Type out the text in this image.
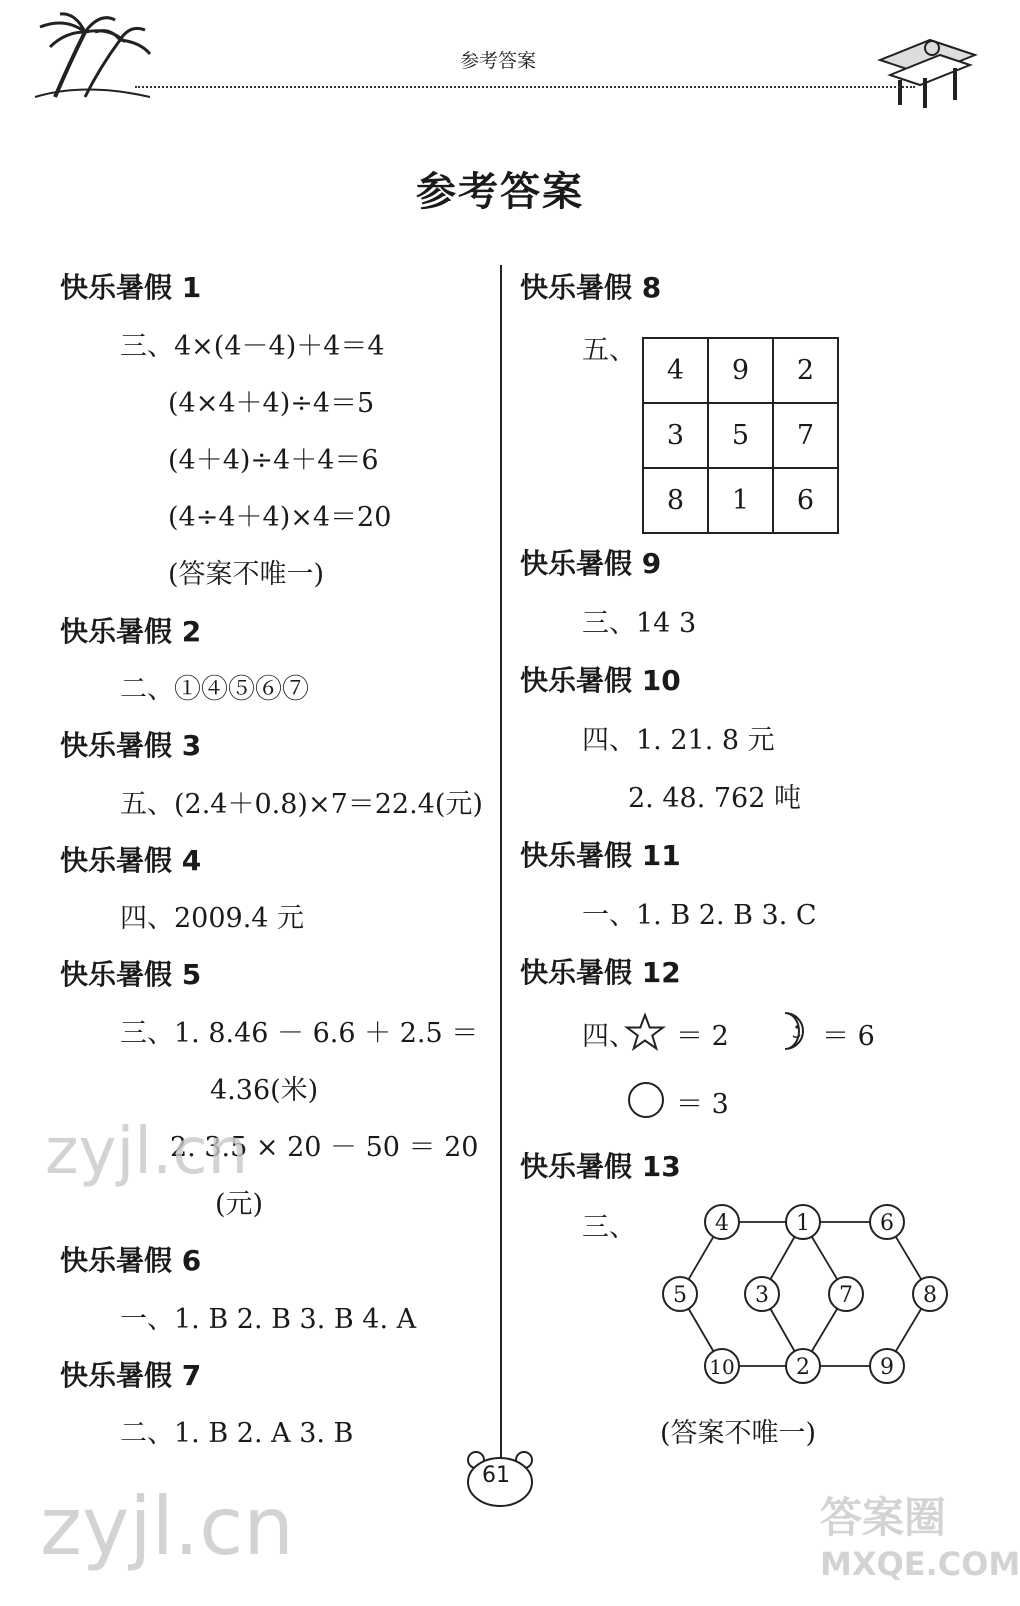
参考答案
参考答案
快乐暑假 1
三、4×(4－4)＋4＝4
(4×4＋4)÷4＝5
(4＋4)÷4＋4＝6
(4÷4＋4)×4＝20
(答案不唯一)
快乐暑假 2
二、①④⑤⑥⑦
快乐暑假 3
五、(2.4＋0.8)×7＝22.4(元)
快乐暑假 4
四、2009.4 元
快乐暑假 5
三、1. 8.46 － 6.6 ＋ 2.5 ＝
4.36(米)
2. 3.5 × 20 － 50 ＝ 20
(元)
快乐暑假 6
一、1. B 2. B 3. B 4. A
快乐暑假 7
二、1. B 2. A 3. B
快乐暑假 8
五、
4	9	2
3	5	7
8	1	6
快乐暑假 9
三、14 3
快乐暑假 10
四、1. 21. 8 元
2. 48. 762 吨
快乐暑假 11
一、1. B 2. B 3. C
快乐暑假 12
四、 ＝ 2	＝ 6
＝ 3
快乐暑假 13
三、	4	1	6
5	3	7	8
10	2	9
(答案不唯一)
zyjl.cn
zyjl.cn	答案圈
MXQE.COM
61
